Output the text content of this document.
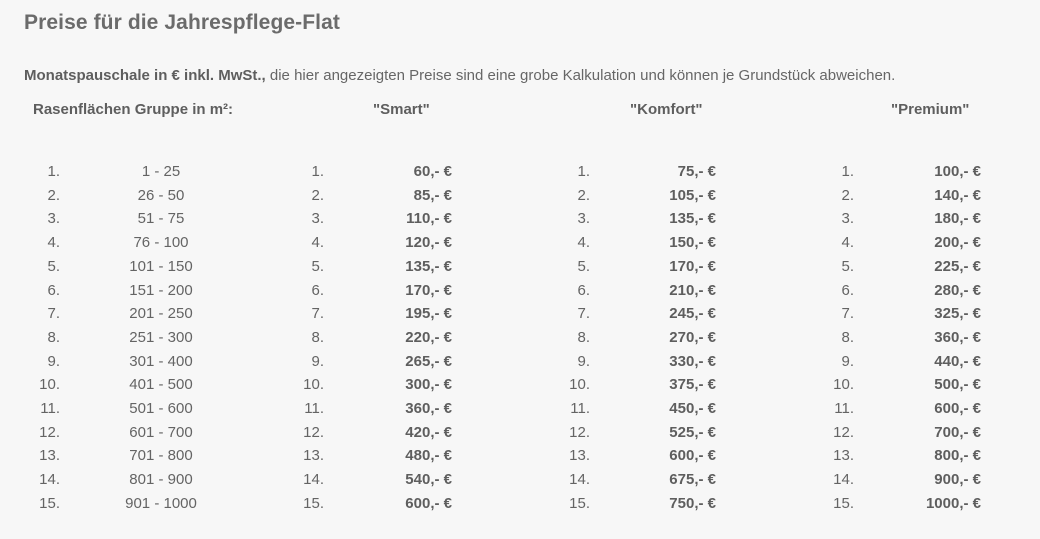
Preise für die Jahrespflege-Flat
Monatspauschale in € inkl. MwSt., die hier angezeigten Preise sind eine grobe Kalkulation und können je Grundstück abweichen.
Rasenflächen Gruppe in m²:	"Smart"	"Komfort"	"Premium"
1.	1 - 25	1.	60,- €	1.	75,- €	1.	100,- €
2.	26 - 50	2.	85,- €	2.	105,- €	2.	140,- €
3.	51 - 75	3.	110,- €	3.	135,- €	3.	180,- €
4.	76 - 100	4.	120,- €	4.	150,- €	4.	200,- €
5.	101 - 150	5.	135,- €	5.	170,- €	5.	225,- €
6.	151 - 200	6.	170,- €	6.	210,- €	6.	280,- €
7.	201 - 250	7.	195,- €	7.	245,- €	7.	325,- €
8.	251 - 300	8.	220,- €	8.	270,- €	8.	360,- €
9.	301 - 400	9.	265,- €	9.	330,- €	9.	440,- €
10.	401 - 500	10.	300,- €	10.	375,- €	10.	500,- €
11.	501 - 600	11.	360,- €	11.	450,- €	11.	600,- €
12.	601 - 700	12.	420,- €	12.	525,- €	12.	700,- €
13.	701 - 800	13.	480,- €	13.	600,- €	13.	800,- €
14.	801 - 900	14.	540,- €	14.	675,- €	14.	900,- €
15.	901 - 1000	15.	600,- €	15.	750,- €	15.	1000,- €
